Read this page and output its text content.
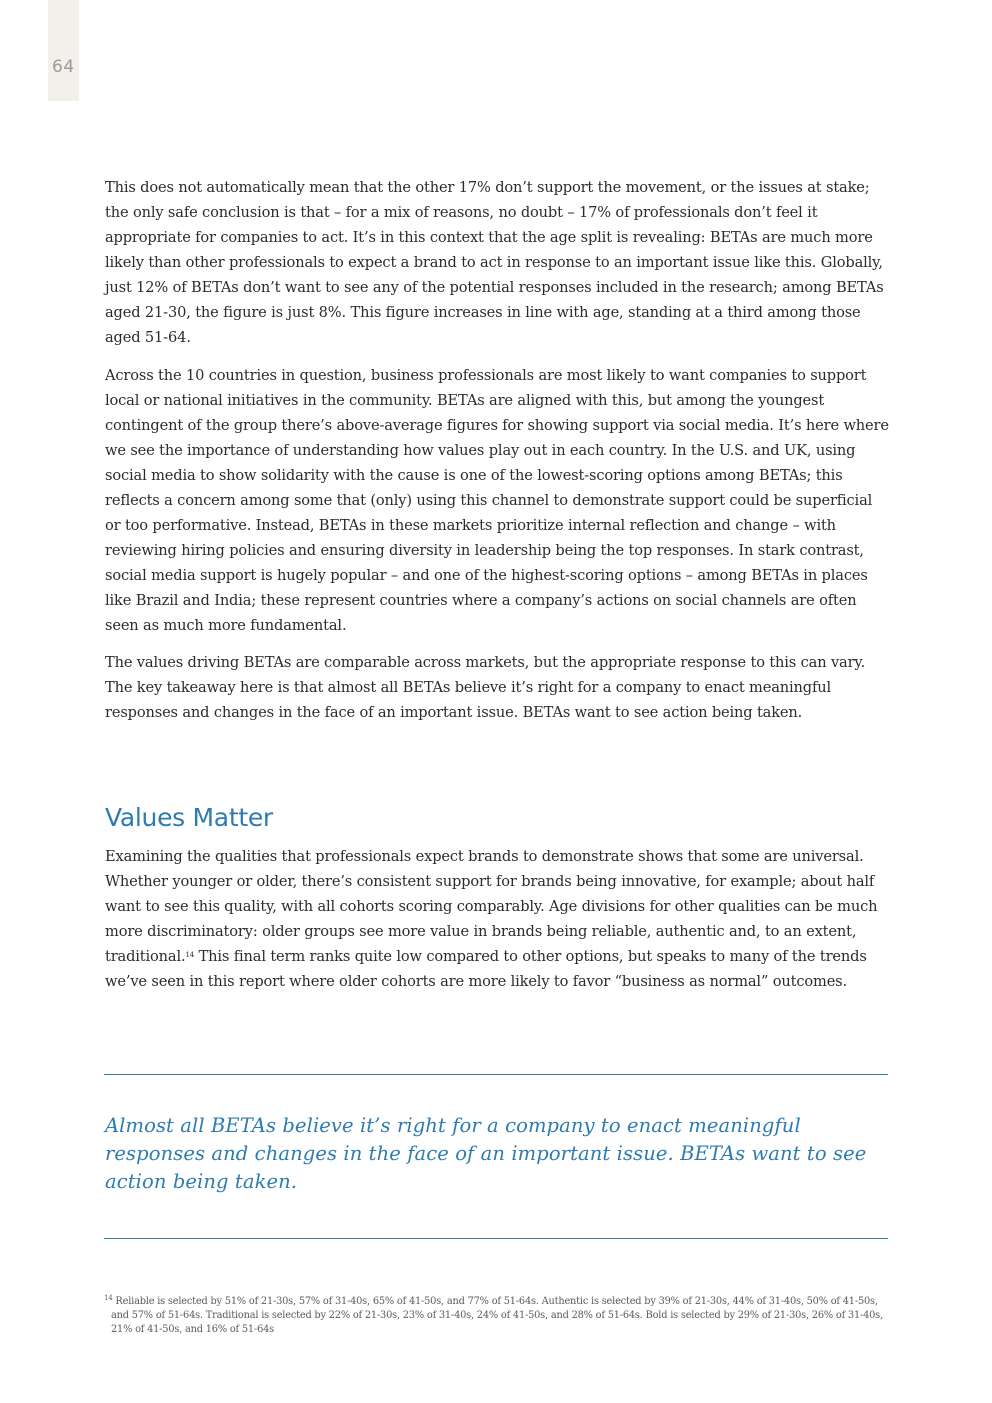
64

This does not automatically mean that the other 17% don’t support the movement, or the issues at stake; the only safe conclusion is that – for a mix of reasons, no doubt – 17% of professionals don’t feel it appropriate for companies to act. It’s in this context that the age split is revealing: BETAs are much more likely than other professionals to expect a brand to act in response to an important issue like this. Globally, just 12% of BETAs don’t want to see any of the potential responses included in the research; among BETAs aged 21-30, the figure is just 8%. This figure increases in line with age, standing at a third among those aged 51-64.

Across the 10 countries in question, business professionals are most likely to want companies to support local or national initiatives in the community. BETAs are aligned with this, but among the youngest contingent of the group there’s above-average figures for showing support via social media. It’s here where we see the importance of understanding how values play out in each country. In the U.S. and UK, using social media to show solidarity with the cause is one of the lowest-scoring options among BETAs; this reflects a concern among some that (only) using this channel to demonstrate support could be superficial or too performative. Instead, BETAs in these markets prioritize internal reflection and change – with reviewing hiring policies and ensuring diversity in leadership being the top responses. In stark contrast, social media support is hugely popular – and one of the highest-scoring options – among BETAs in places like Brazil and India; these represent countries where a company’s actions on social channels are often seen as much more fundamental.

The values driving BETAs are comparable across markets, but the appropriate response to this can vary. The key takeaway here is that almost all BETAs believe it’s right for a company to enact meaningful responses and changes in the face of an important issue. BETAs want to see action being taken.

Values Matter

Examining the qualities that professionals expect brands to demonstrate shows that some are universal. Whether younger or older, there’s consistent support for brands being innovative, for example; about half want to see this quality, with all cohorts scoring comparably. Age divisions for other qualities can be much more discriminatory: older groups see more value in brands being reliable, authentic and, to an extent, traditional.$^{14}$ This final term ranks quite low compared to other options, but speaks to many of the trends we’ve seen in this report where older cohorts are more likely to favor “business as normal” outcomes.

Almost all BETAs believe it’s right for a company to enact meaningful responses and changes in the face of an important issue. BETAs want to see action being taken.

$^{14}$ Reliable is selected by 51% of 21-30s, 57% of 31-40s, 65% of 41-50s, and 77% of 51-64s. Authentic is selected by 39% of 21-30s, 44% of 31-40s, 50% of 41-50s, and 57% of 51-64s. Traditional is selected by 22% of 21-30s, 23% of 31-40s, 24% of 41-50s, and 28% of 51-64s. Bold is selected by 29% of 21-30s, 26% of 31-40s, 21% of 41-50s, and 16% of 51-64s
